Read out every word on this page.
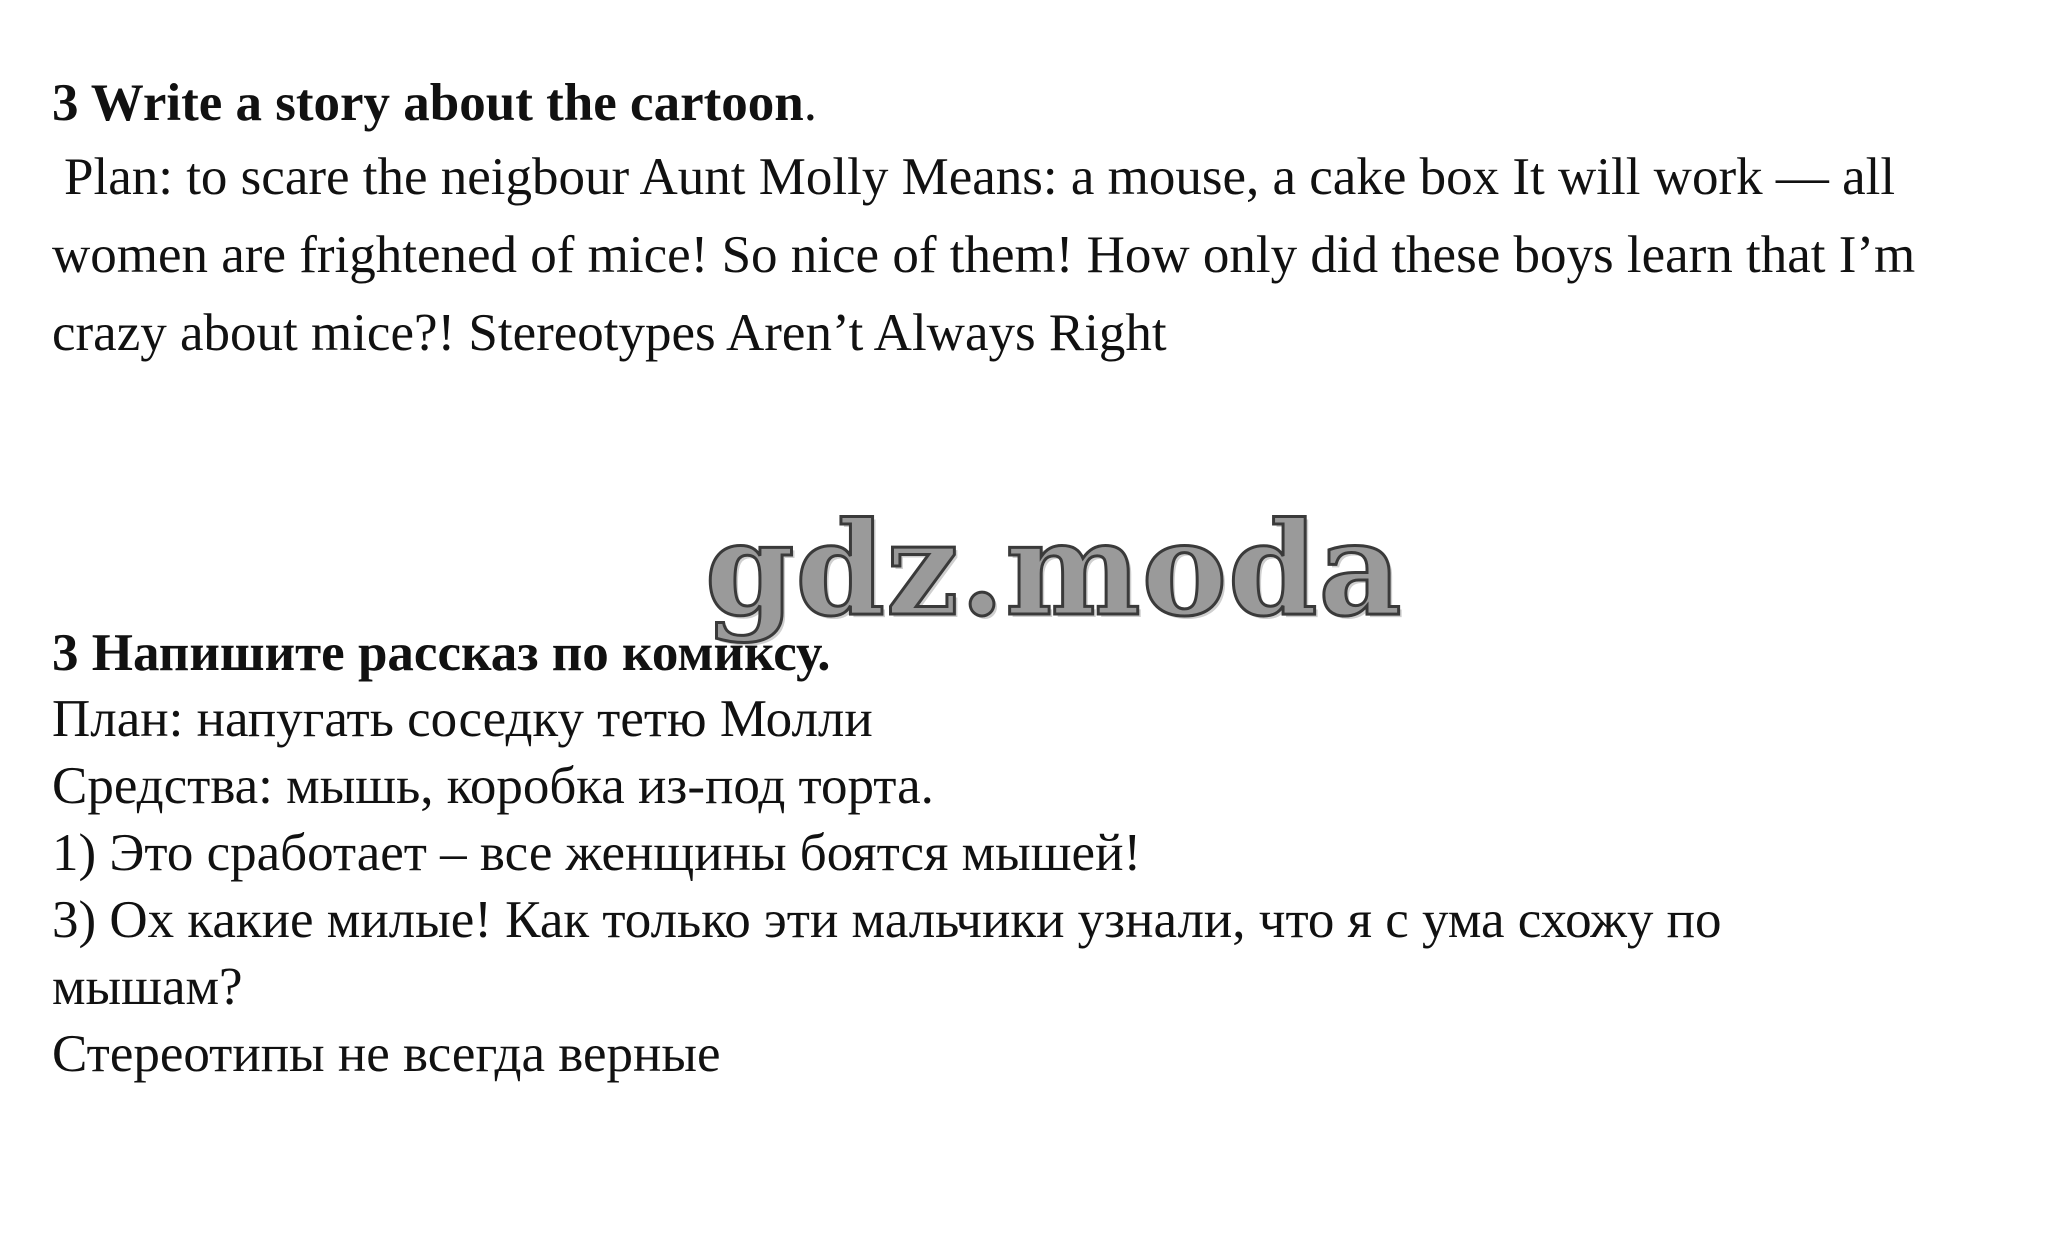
3 Write a story about the cartoon.
Plan: to scare the neigbour Aunt Molly Means: a mouse, a cake box It will work — all women are frightened of mice! So nice of them! How only did these boys learn that I’m crazy about mice?! Stereotypes Aren’t Always Right
gdz.moda
3 Напишите рассказ по комиксу.
План: напугать соседку тетю Молли
Средства: мышь, коробка из-под торта.
1) Это сработает – все женщины боятся мышей!
3) Ох какие милые! Как только эти мальчики узнали, что я с ума схожу по
мышам?
Стереотипы не всегда верные
